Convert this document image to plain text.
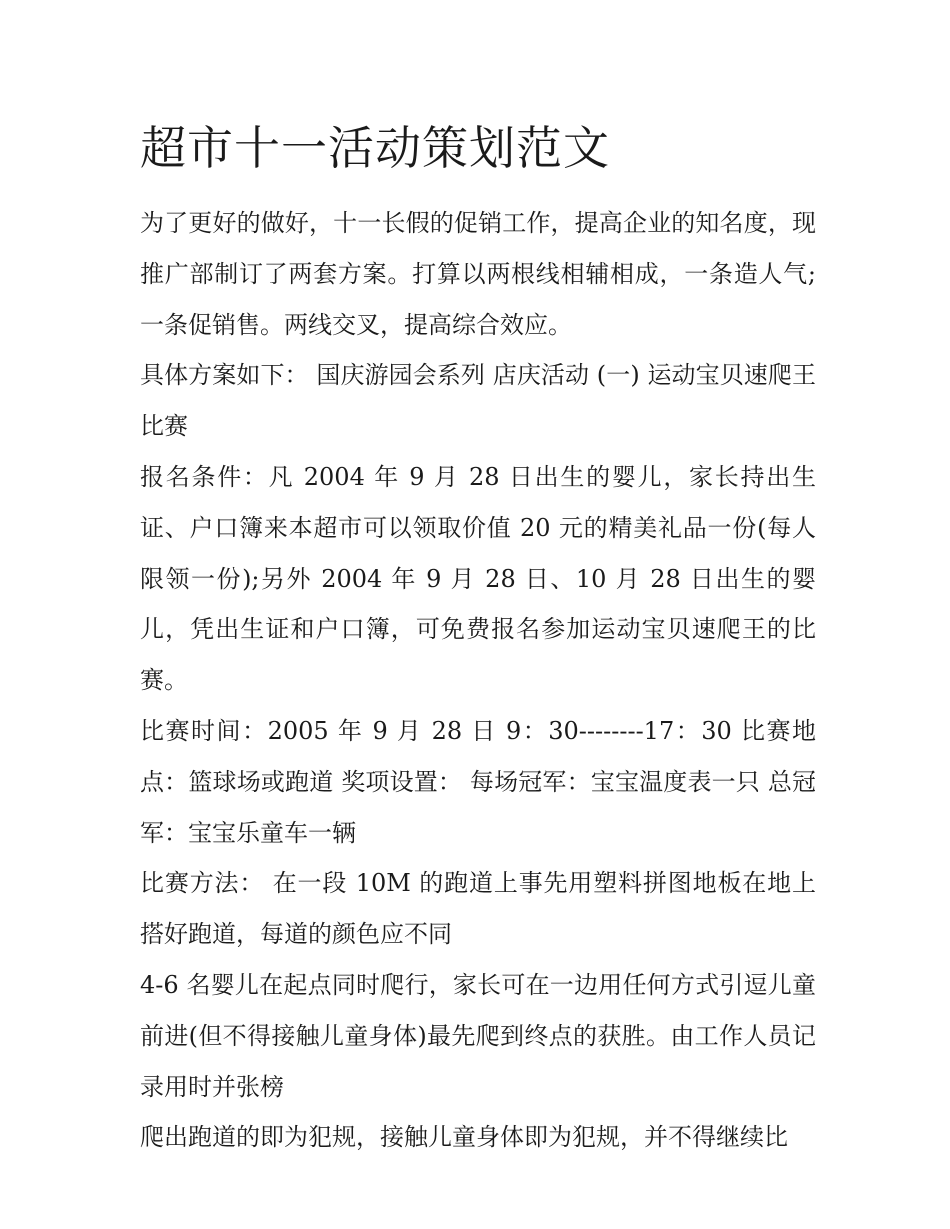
超市十一活动策划范文

为了更好的做好，十一长假的促销工作，提高企业的知名度，现推广部制订了两套方案。打算以两根线相辅相成，一条造人气;一条促销售。两线交叉，提高综合效应。

具体方案如下： 国庆游园会系列 店庆活动 (一) 运动宝贝速爬王比赛

报名条件：凡 2004 年 9 月 28 日出生的婴儿，家长持出生证、户口簿来本超市可以领取价值 20 元的精美礼品一份(每人限领一份);另外 2004 年 9 月 28 日、10 月 28 日出生的婴儿，凭出生证和户口簿，可免费报名参加运动宝贝速爬王的比赛。

比赛时间：2005 年 9 月 28 日 9：30--------17：30 比赛地点：篮球场或跑道 奖项设置： 每场冠军：宝宝温度表一只 总冠军：宝宝乐童车一辆

比赛方法： 在一段 10M 的跑道上事先用塑料拼图地板在地上搭好跑道，每道的颜色应不同

4-6 名婴儿在起点同时爬行，家长可在一边用任何方式引逗儿童前进(但不得接触儿童身体)最先爬到终点的获胜。由工作人员记录用时并张榜

爬出跑道的即为犯规，接触儿童身体即为犯规，并不得继续比
